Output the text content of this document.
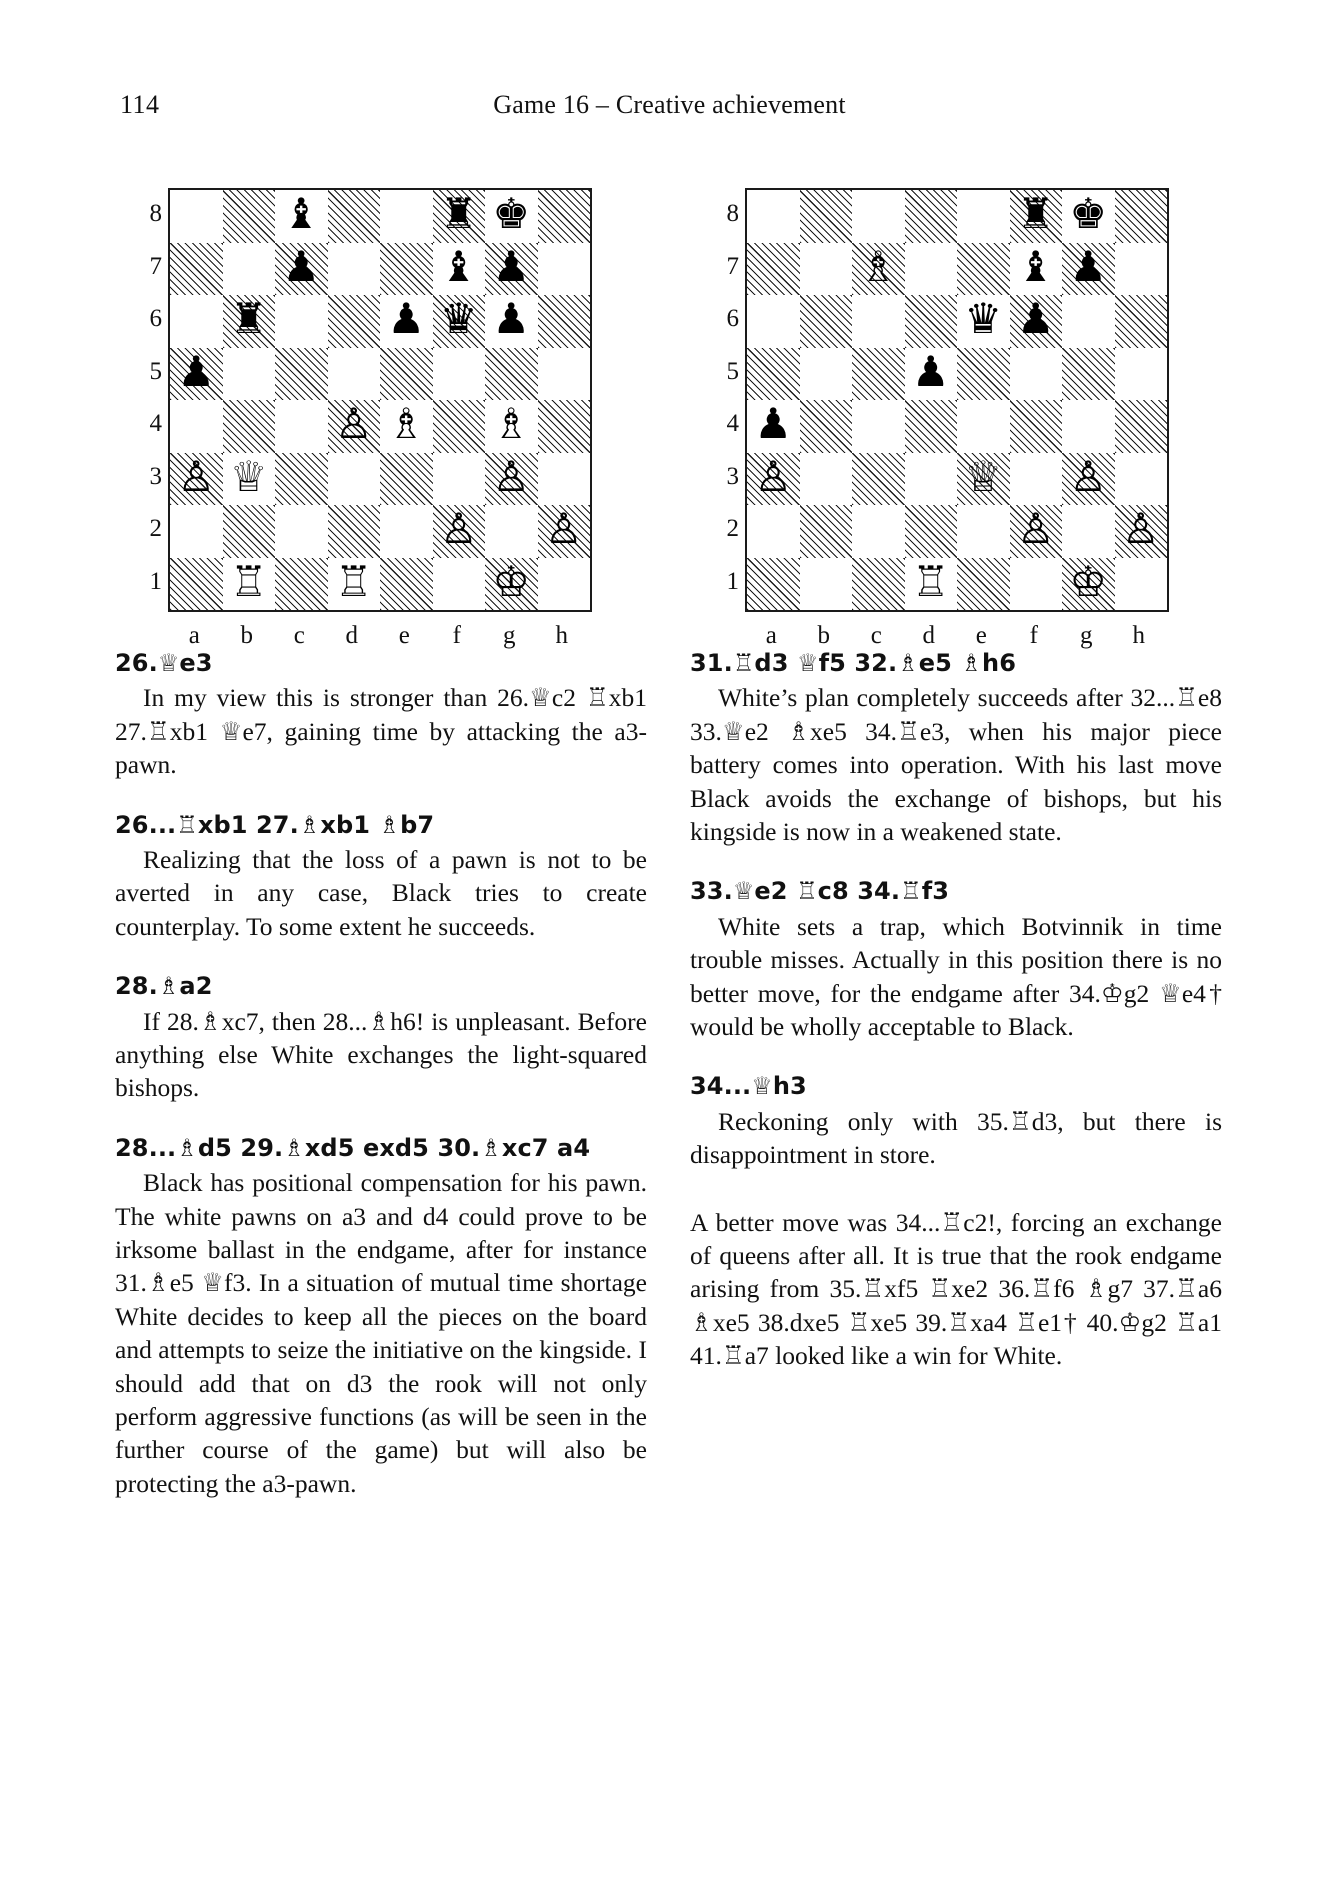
114	Game 16 – Creative achievement
8
7
6
5
4
3
2
1
♝	♜ ♚
♟	♝ ♟
♜	♟ ♛ ♟
♟
♙ ♗ ♗
♙ ♕	♙
♙ ♙
♖ ♖	♔
a	b	c	d	e	f	g	h
8
7
6
5
4
3
2
1
♜ ♚
♗	♝ ♟
♛ ♟
♟
♟
♙	♕ ♙
♙ ♙
♖	♔
a	b	c	d	e	f	g	h
26.♕e3
In my view this is stronger than 26.♕c2 ♖xb1 27.♖xb1 ♕e7, gaining time by attacking the a3-pawn.
26...♖xb1 27.♗xb1 ♗b7
Realizing that the loss of a pawn is not to be averted in any case, Black tries to create counterplay. To some extent he succeeds.
28.♗a2
If 28.♗xc7, then 28...♗h6! is unpleasant. Before anything else White exchanges the light-squared bishops.
28...♗d5 29.♗xd5 exd5 30.♗xc7 a4
Black has positional compensation for his pawn. The white pawns on a3 and d4 could prove to be irksome ballast in the endgame, after for instance 31.♗e5 ♕f3. In a situation of mutual time shortage White decides to keep all the pieces on the board and attempts to seize the initiative on the kingside. I should add that on d3 the rook will not only perform aggressive functions (as will be seen in the further course of the game) but will also be protecting the a3-pawn.
31.♖d3 ♕f5 32.♗e5 ♗h6
White’s plan completely succeeds after 32...♖e8 33.♕e2 ♗xe5 34.♖e3, when his major piece battery comes into operation. With his last move Black avoids the exchange of bishops, but his kingside is now in a weakened state.
33.♕e2 ♖c8 34.♖f3
White sets a trap, which Botvinnik in time trouble misses. Actually in this position there is no better move, for the endgame after 34.♔g2 ♕e4† would be wholly acceptable to Black.
34...♕h3
Reckoning only with 35.♖d3, but there is disappointment in store.
A better move was 34...♖c2!, forcing an exchange of queens after all. It is true that the rook endgame arising from 35.♖xf5 ♖xe2 36.♖f6 ♗g7 37.♖a6 ♗xe5 38.dxe5 ♖xe5 39.♖xa4 ♖e1† 40.♔g2 ♖a1 41.♖a7 looked like a win for White.
